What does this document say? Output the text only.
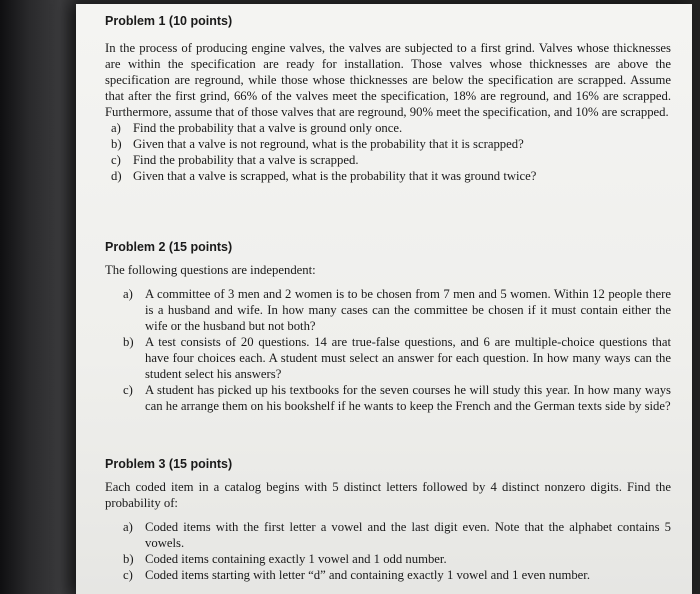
Problem 1 (10 points)

In the process of producing engine valves, the valves are subjected to a first grind. Valves whose thicknesses are within the specification are ready for installation. Those valves whose thicknesses are above the specification are reground, while those whose thicknesses are below the specification are scrapped. Assume that after the first grind, 66% of the valves meet the specification, 18% are reground, and 16% are scrapped. Furthermore, assume that of those valves that are reground, 90% meet the specification, and 10% are scrapped.

a) Find the probability that a valve is ground only once.
b) Given that a valve is not reground, what is the probability that it is scrapped?
c) Find the probability that a valve is scrapped.
d) Given that a valve is scrapped, what is the probability that it was ground twice?

Problem 2 (15 points)

The following questions are independent:

a) A committee of 3 men and 2 women is to be chosen from 7 men and 5 women. Within 12 people there is a husband and wife. In how many cases can the committee be chosen if it must contain either the wife or the husband but not both?
b) A test consists of 20 questions. 14 are true-false questions, and 6 are multiple-choice questions that have four choices each. A student must select an answer for each question. In how many ways can the student select his answers?
c) A student has picked up his textbooks for the seven courses he will study this year. In how many ways can he arrange them on his bookshelf if he wants to keep the French and the German texts side by side?

Problem 3 (15 points)

Each coded item in a catalog begins with 5 distinct letters followed by 4 distinct nonzero digits. Find the probability of:

a) Coded items with the first letter a vowel and the last digit even. Note that the alphabet contains 5 vowels.
b) Coded items containing exactly 1 vowel and 1 odd number.
c) Coded items starting with letter “d” and containing exactly 1 vowel and 1 even number.
